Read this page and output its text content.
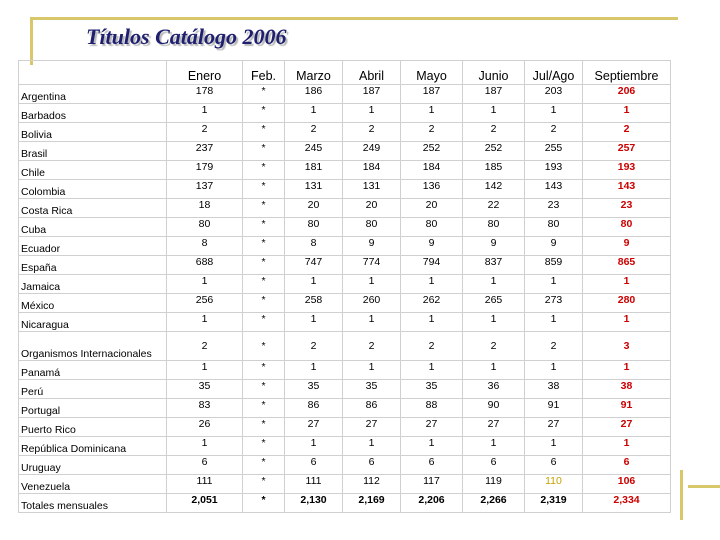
Títulos Catálogo 2006
	Enero	Feb.	Marzo	Abril	Mayo	Junio	Jul/Ago	Septiembre
Argentina	178	*	186	187	187	187	203	206
Barbados	1	*	1	1	1	1	1	1
Bolivia	2	*	2	2	2	2	2	2
Brasil	237	*	245	249	252	252	255	257
Chile	179	*	181	184	184	185	193	193
Colombia	137	*	131	131	136	142	143	143
Costa Rica	18	*	20	20	20	22	23	23
Cuba	80	*	80	80	80	80	80	80
Ecuador	8	*	8	9	9	9	9	9
España	688	*	747	774	794	837	859	865
Jamaica	1	*	1	1	1	1	1	1
México	256	*	258	260	262	265	273	280
Nicaragua	1	*	1	1	1	1	1	1
Organismos Internacionales	2	*	2	2	2	2	2	3
Panamá	1	*	1	1	1	1	1	1
Perú	35	*	35	35	35	36	38	38
Portugal	83	*	86	86	88	90	91	91
Puerto Rico	26	*	27	27	27	27	27	27
República Dominicana	1	*	1	1	1	1	1	1
Uruguay	6	*	6	6	6	6	6	6
Venezuela	111	*	111	112	117	119	110	106
Totales mensuales	2,051	*	2,130	2,169	2,206	2,266	2,319	2,334
